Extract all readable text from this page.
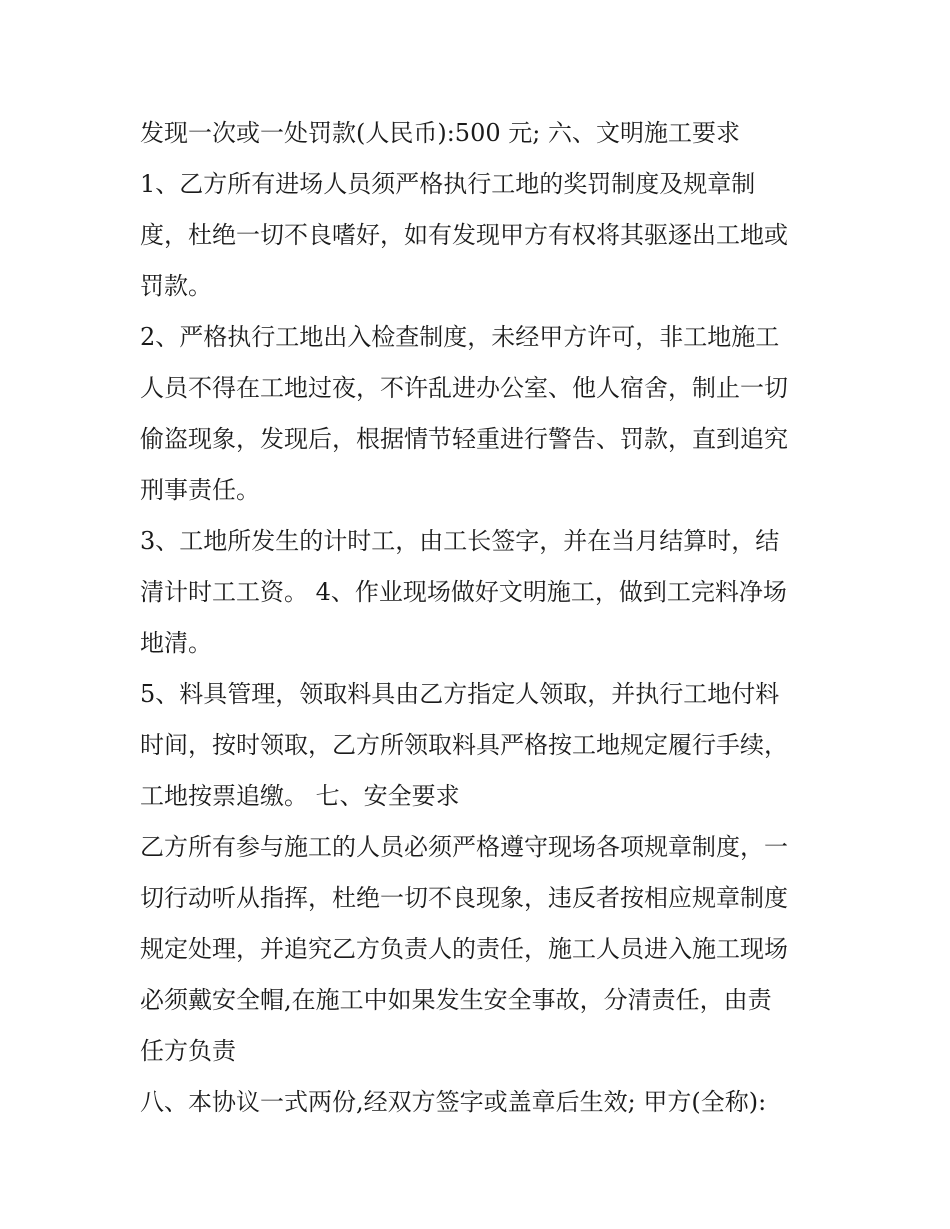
发现一次或一处罚款(人民币):500 元; 六、文明施工要求
1、乙方所有进场人员须严格执行工地的奖罚制度及规章制
度，杜绝一切不良嗜好，如有发现甲方有权将其驱逐出工地或
罚款。
2、严格执行工地出入检查制度，未经甲方许可，非工地施工
人员不得在工地过夜，不许乱进办公室、他人宿舍，制止一切
偷盗现象，发现后，根据情节轻重进行警告、罚款，直到追究
刑事责任。
3、工地所发生的计时工，由工长签字，并在当月结算时，结
清计时工工资。 4、作业现场做好文明施工，做到工完料净场
地清。
5、料具管理，领取料具由乙方指定人领取，并执行工地付料
时间，按时领取，乙方所领取料具严格按工地规定履行手续，
工地按票追缴。 七、安全要求
乙方所有参与施工的人员必须严格遵守现场各项规章制度，一
切行动听从指挥，杜绝一切不良现象，违反者按相应规章制度
规定处理，并追究乙方负责人的责任，施工人员进入施工现场
必须戴安全帽,在施工中如果发生安全事故，分清责任，由责
任方负责
八、本协议一式两份,经双方签字或盖章后生效; 甲方(全称):
